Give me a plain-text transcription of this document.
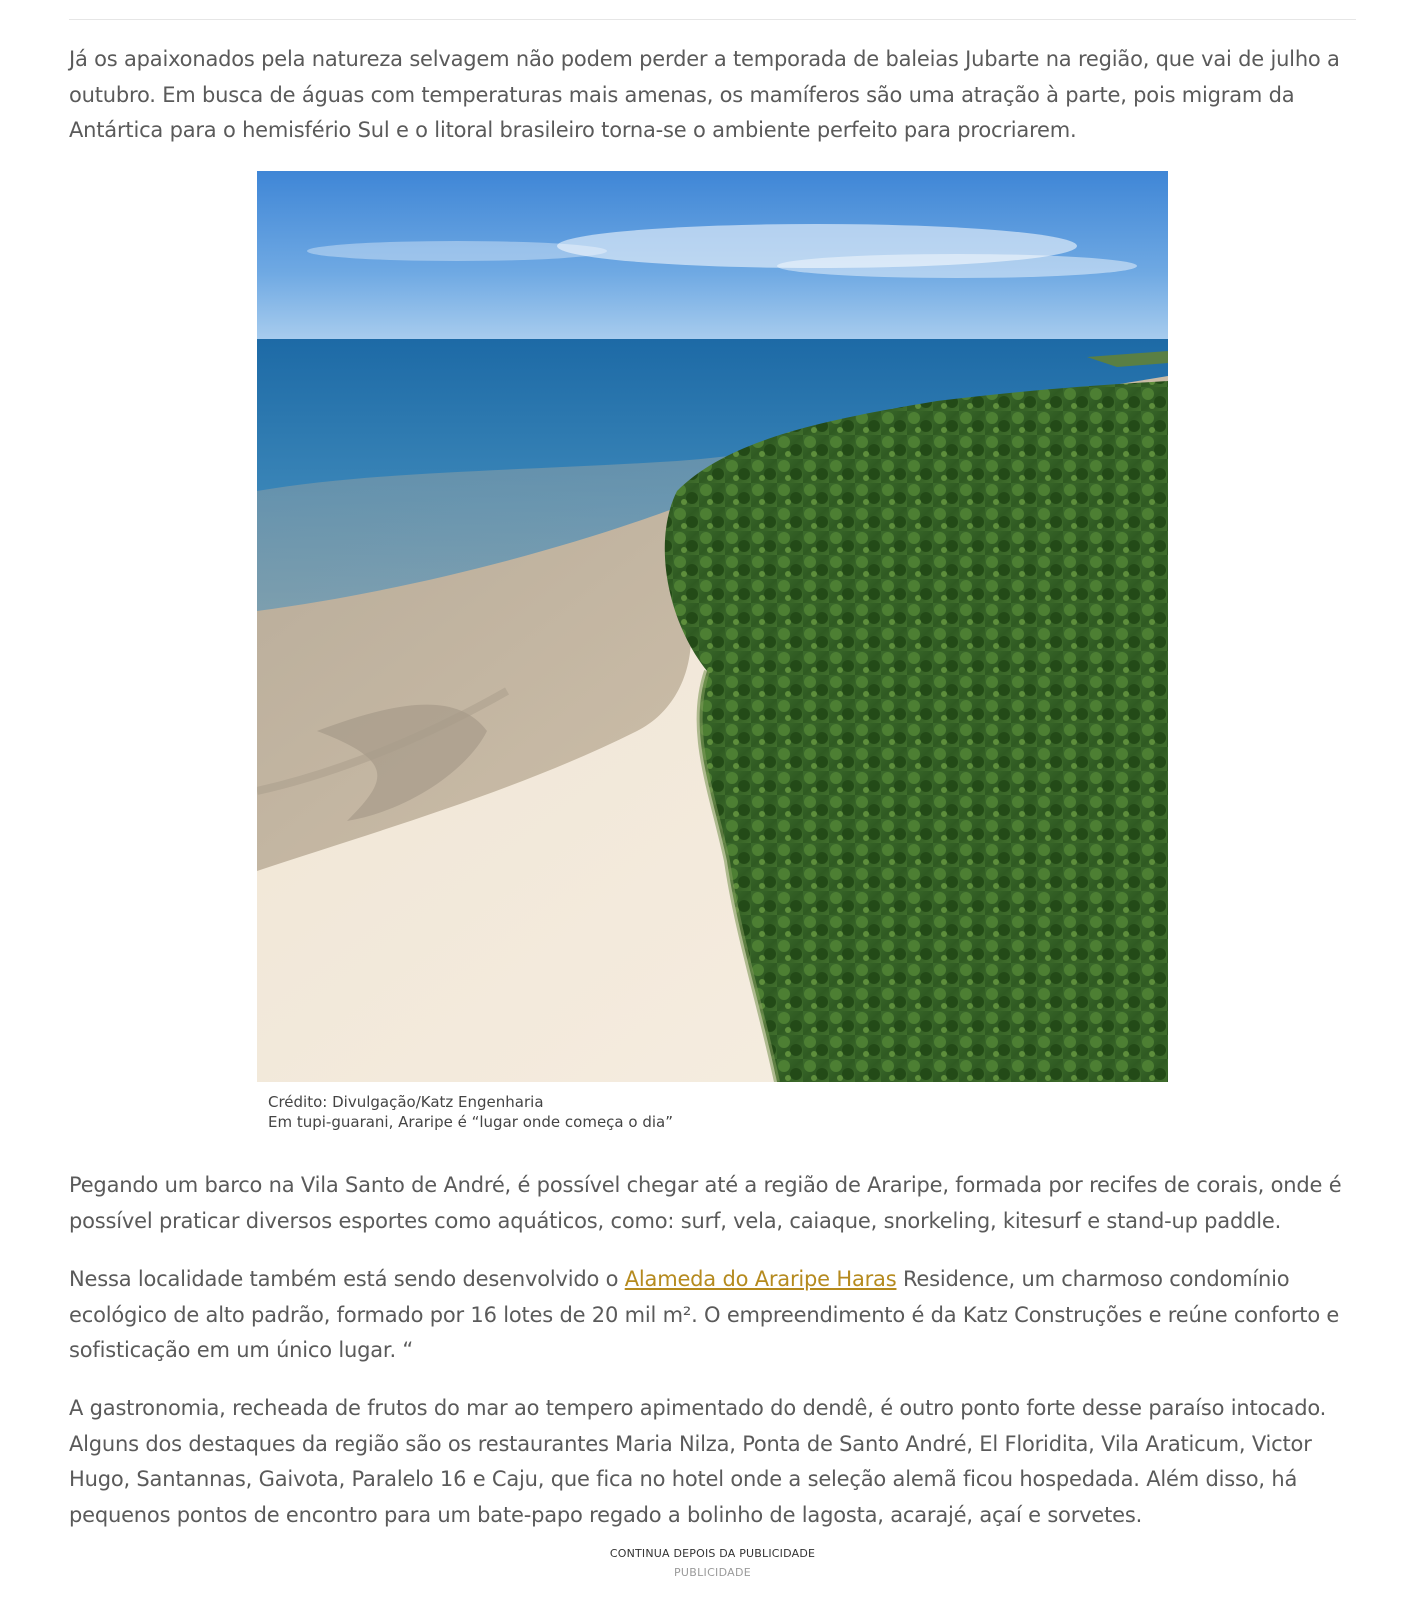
Já os apaixonados pela natureza selvagem não podem perder a temporada de baleias Jubarte na região, que vai de julho a outubro. Em busca de águas com temperaturas mais amenas, os mamíferos são uma atração à parte, pois migram da Antártica para o hemisfério Sul e o litoral brasileiro torna-se o ambiente perfeito para procriarem.

Crédito: Divulgação/Katz Engenharia
Em tupi-guarani, Araripe é “lugar onde começa o dia”

Pegando um barco na Vila Santo de André, é possível chegar até a região de Araripe, formada por recifes de corais, onde é possível praticar diversos esportes como aquáticos, como: surf, vela, caiaque, snorkeling, kitesurf e stand-up paddle.

Nessa localidade também está sendo desenvolvido o Alameda do Araripe Haras Residence, um charmoso condomínio ecológico de alto padrão, formado por 16 lotes de 20 mil m². O empreendimento é da Katz Construções e reúne conforto e sofisticação em um único lugar. “

A gastronomia, recheada de frutos do mar ao tempero apimentado do dendê, é outro ponto forte desse paraíso intocado. Alguns dos destaques da região são os restaurantes Maria Nilza, Ponta de Santo André, El Floridita, Vila Araticum, Victor Hugo, Santannas, Gaivota, Paralelo 16 e Caju, que fica no hotel onde a seleção alemã ficou hospedada. Além disso, há pequenos pontos de encontro para um bate-papo regado a bolinho de lagosta, acarajé, açaí e sorvetes.

CONTINUA DEPOIS DA PUBLICIDADE
PUBLICIDADE
